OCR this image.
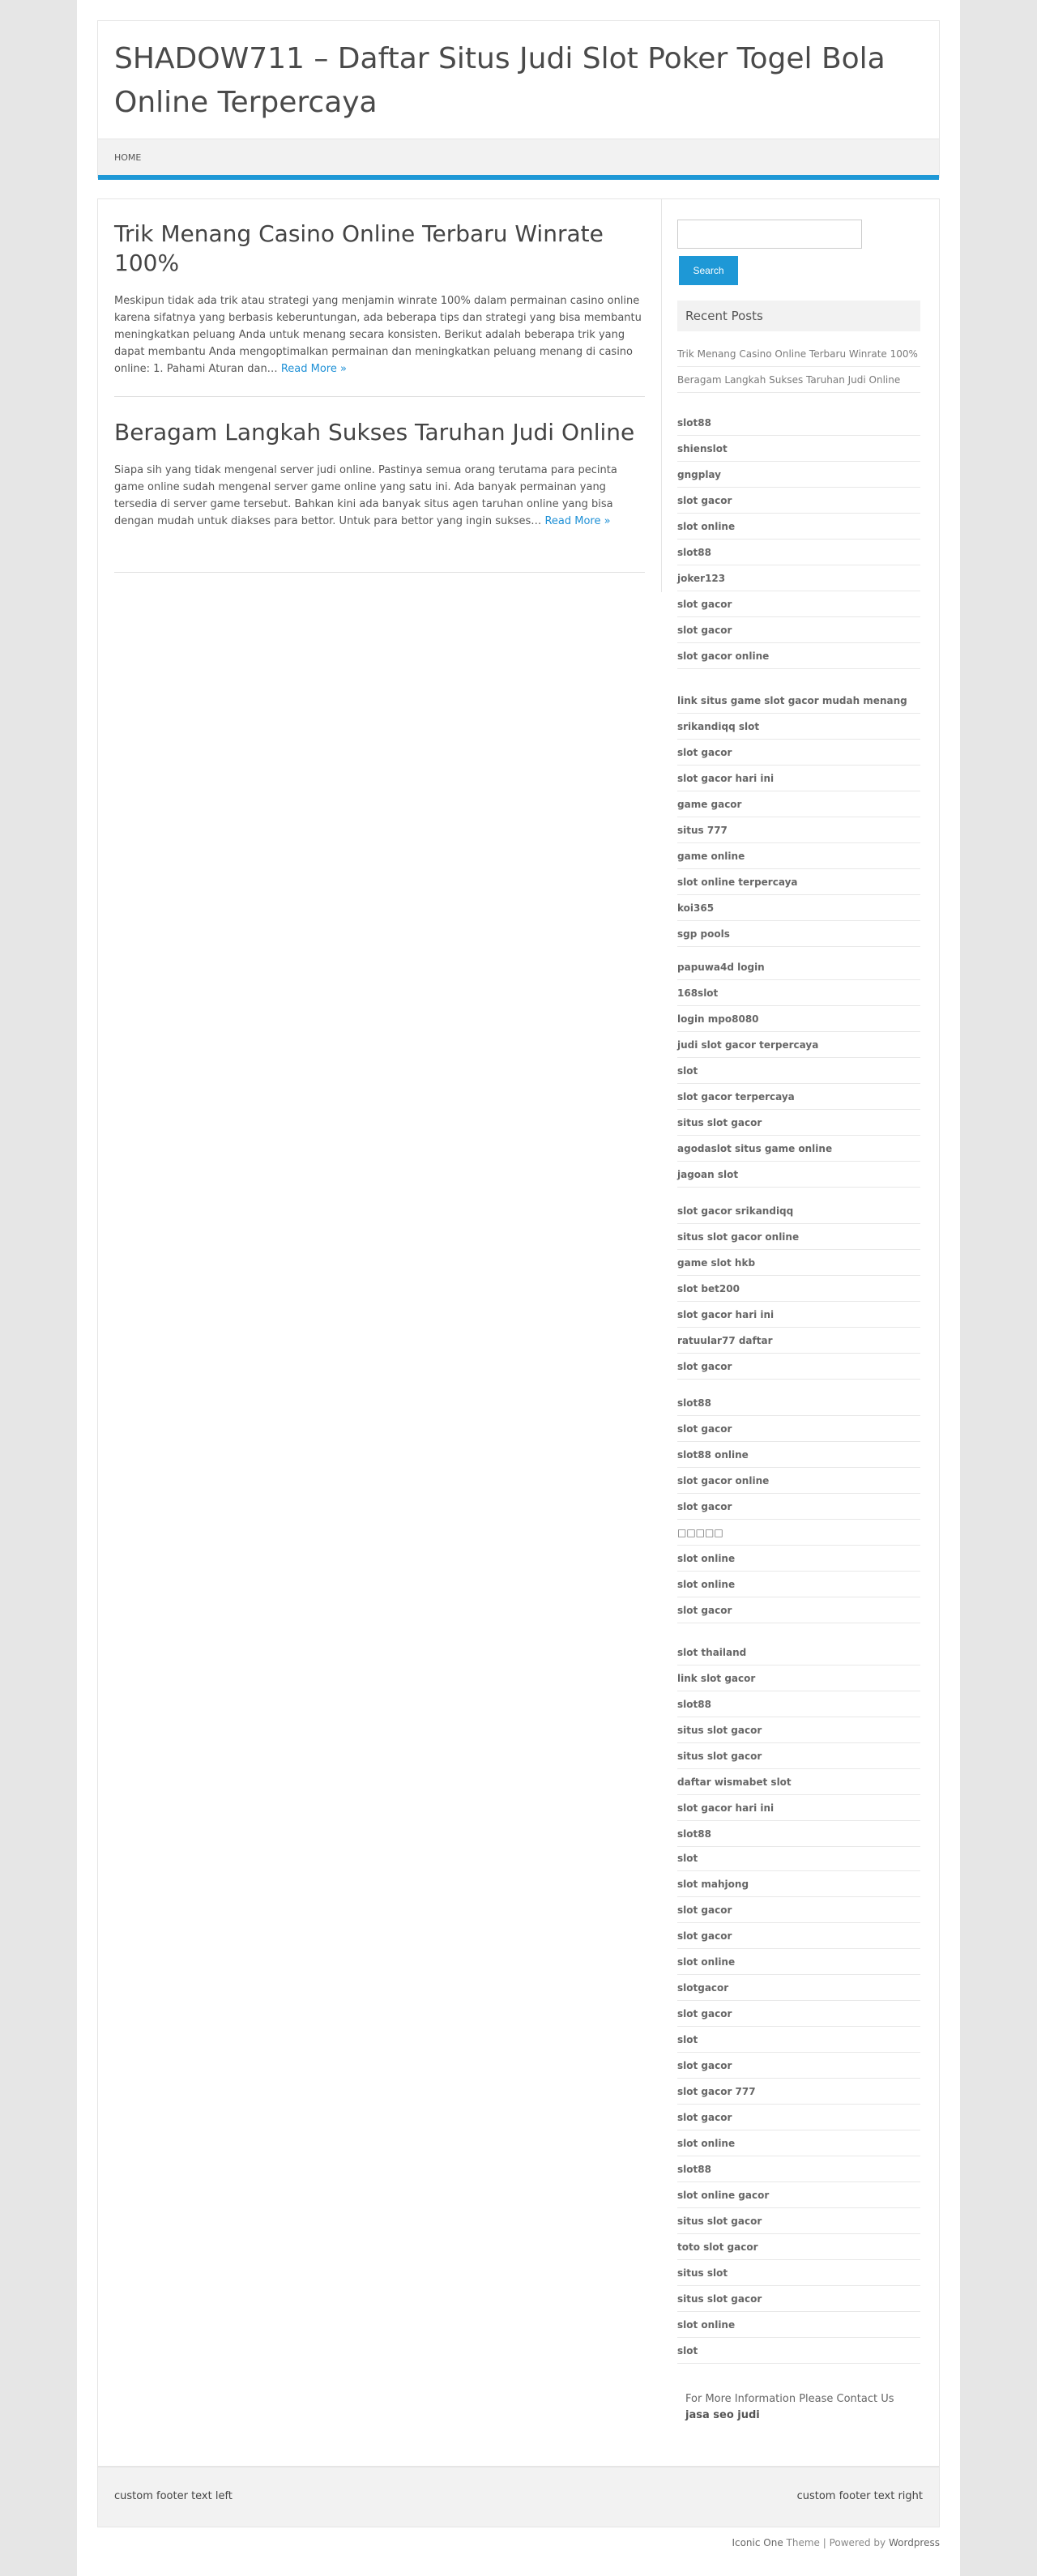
SHADOW711 – Daftar Situs Judi Slot Poker Togel Bola Online Terpercaya
HOME
Trik Menang Casino Online Terbaru Winrate 100%

Meskipun tidak ada trik atau strategi yang menjamin winrate 100% dalam permainan casino online karena sifatnya yang berbasis keberuntungan, ada beberapa tips dan strategi yang bisa membantu meningkatkan peluang Anda untuk menang secara konsisten. Berikut adalah beberapa trik yang dapat membantu Anda mengoptimalkan permainan dan meningkatkan peluang menang di casino online: 1. Pahami Aturan dan… Read More »

Beragam Langkah Sukses Taruhan Judi Online

Siapa sih yang tidak mengenal server judi online. Pastinya semua orang terutama para pecinta game online sudah mengenal server game online yang satu ini. Ada banyak permainan yang tersedia di server game tersebut. Bahkan kini ada banyak situs agen taruhan online yang bisa dengan mudah untuk diakses para bettor. Untuk para bettor yang ingin sukses… Read More »

Search
Recent Posts
Trik Menang Casino Online Terbaru Winrate 100%
Beragam Langkah Sukses Taruhan Judi Online
slot88
shienslot
gngplay
slot gacor
slot online
slot88
joker123
slot gacor
slot gacor
slot gacor online
link situs game slot gacor mudah menang
srikandiqq slot
slot gacor
slot gacor hari ini
game gacor
situs 777
game online
slot online terpercaya
koi365
sgp pools
papuwa4d login
168slot
login mpo8080
judi slot gacor terpercaya
slot
slot gacor terpercaya
situs slot gacor
agodaslot situs game online
jagoan slot
slot gacor srikandiqq
situs slot gacor online
game slot hkb
slot bet200
slot gacor hari ini
ratuular77 daftar
slot gacor
slot88
slot gacor
slot88 online
slot gacor online
slot gacor
□□□□□
slot online
slot online
slot gacor
slot thailand
link slot gacor
slot88
situs slot gacor
situs slot gacor
daftar wismabet slot
slot gacor hari ini
slot88
slot
slot mahjong
slot gacor
slot gacor
slot online
slotgacor
slot gacor
slot
slot gacor
slot gacor 777
slot gacor
slot online
slot88
slot online gacor
situs slot gacor
toto slot gacor
situs slot
situs slot gacor
slot online
slot
For More Information Please Contact Us
jasa seo judi
custom footer text left	custom footer text right
Iconic One Theme | Powered by Wordpress
